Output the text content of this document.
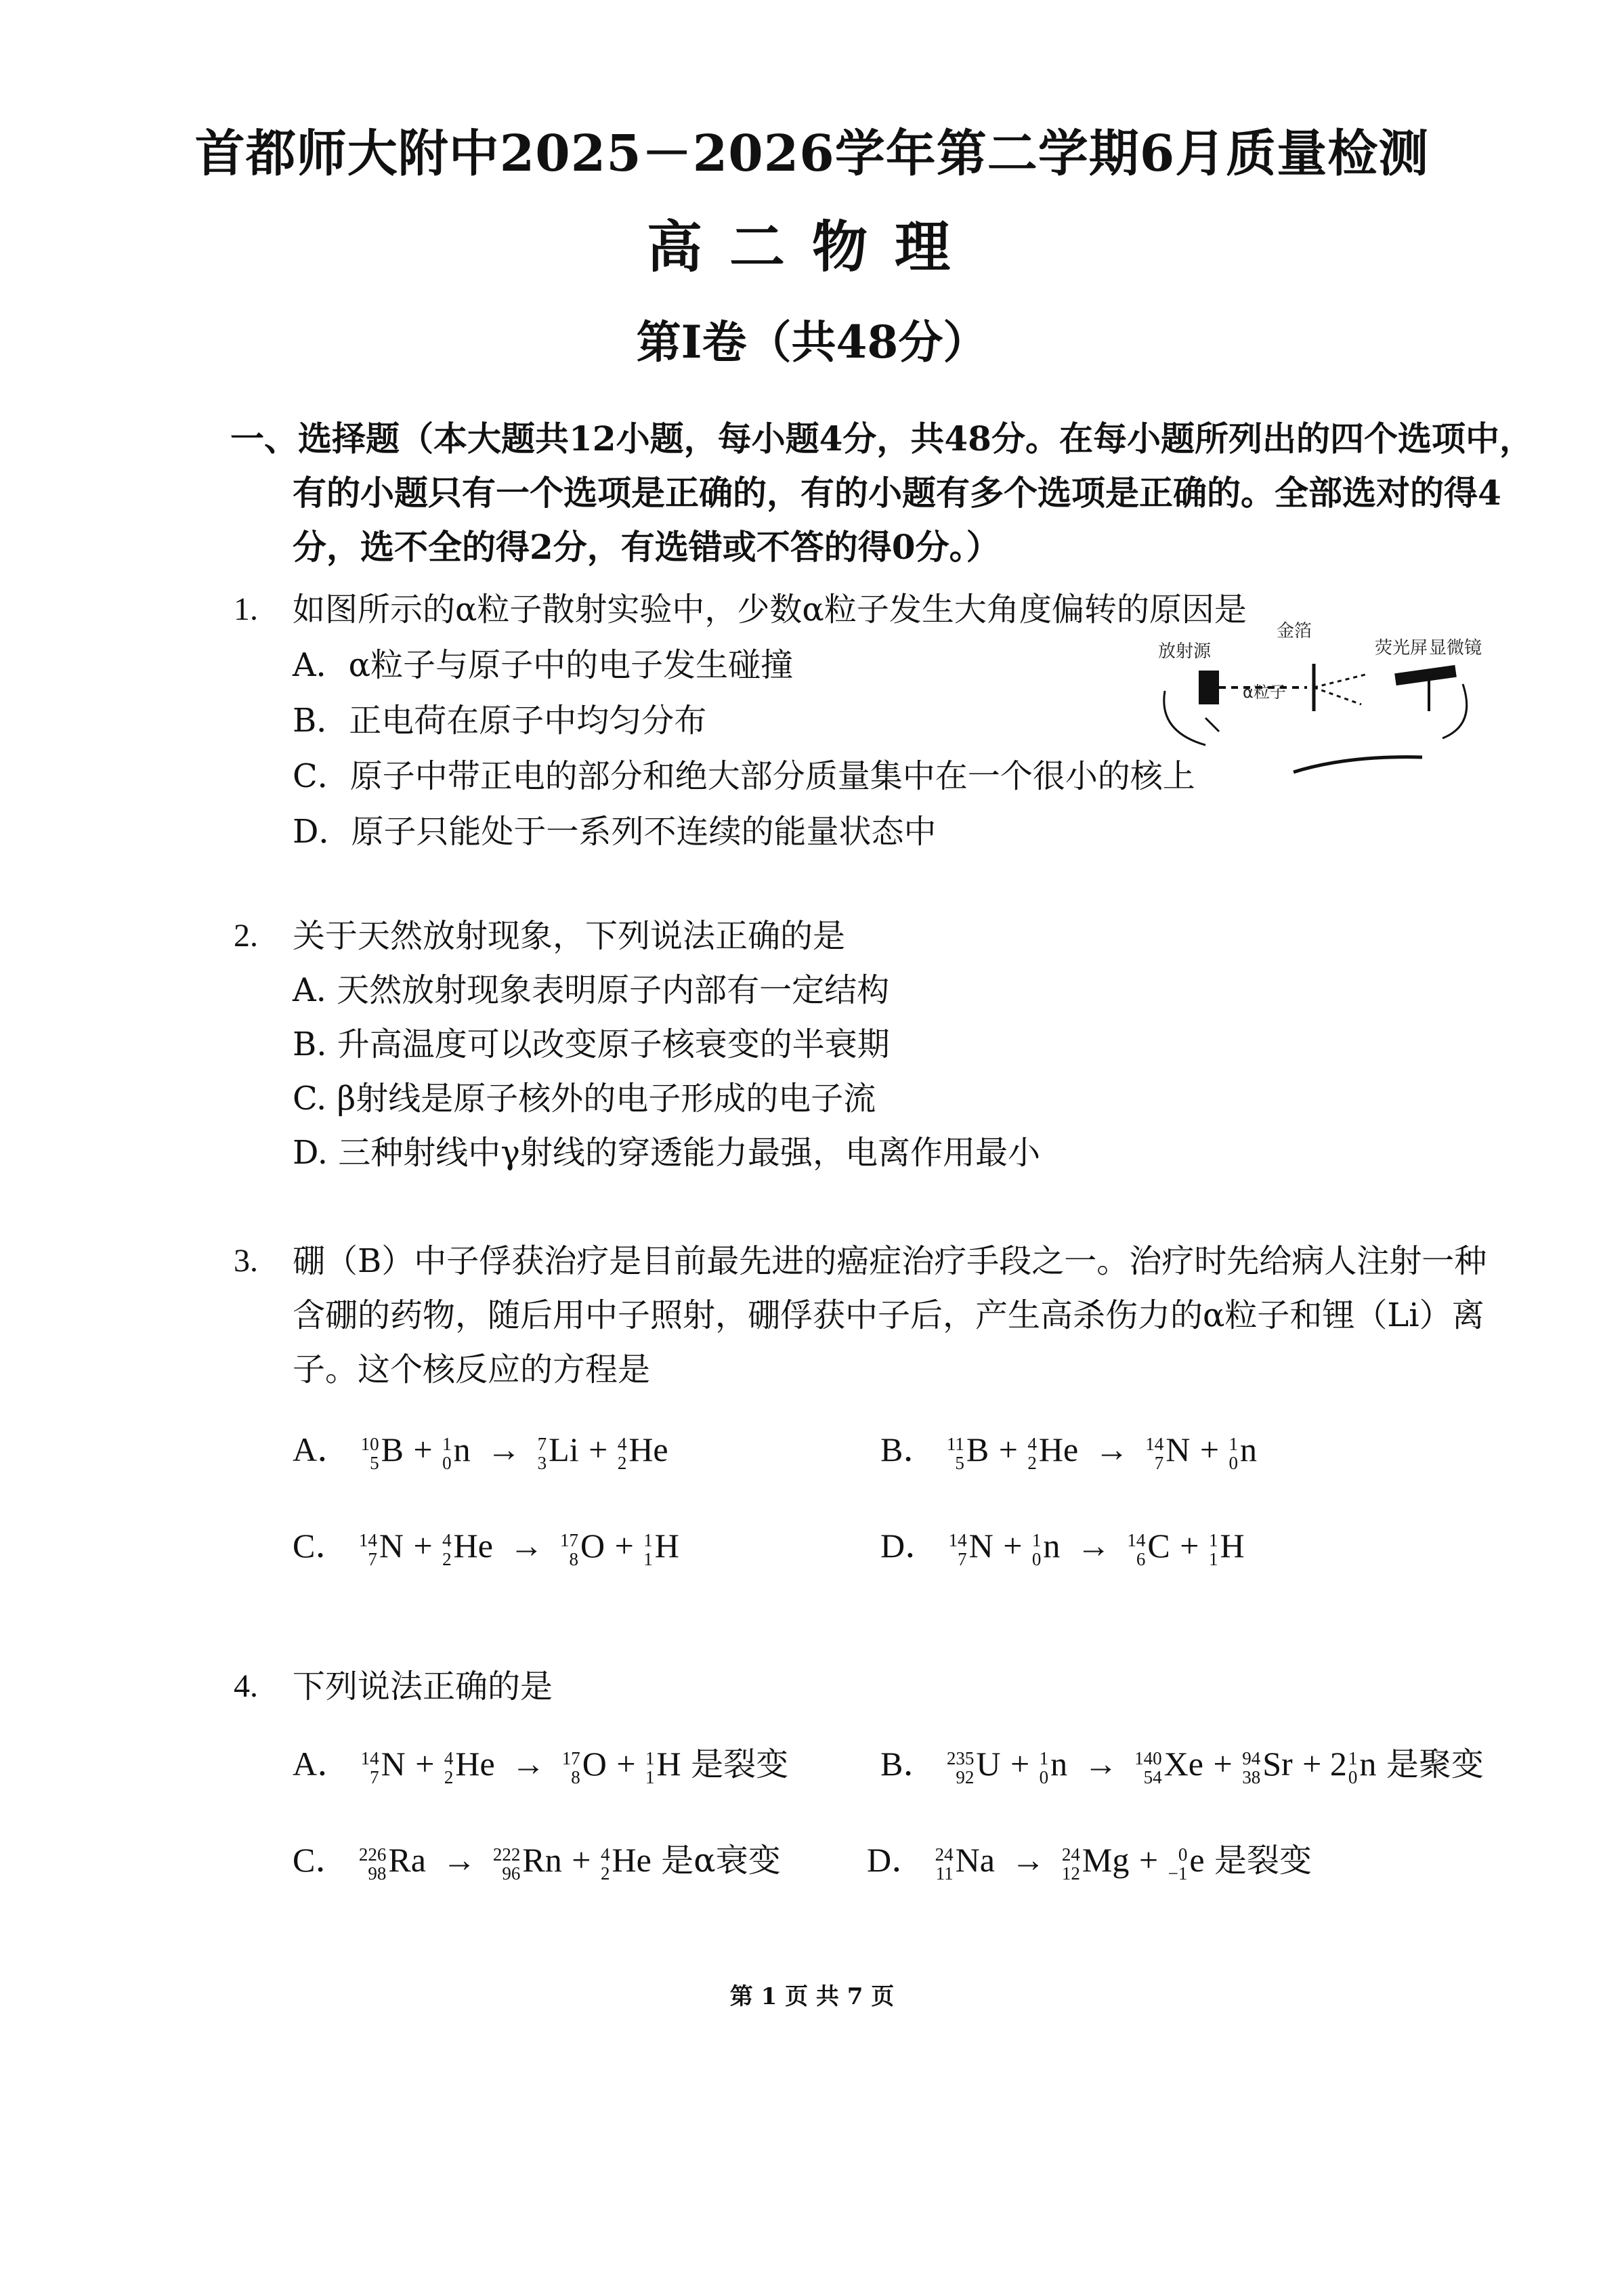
首都师大附中2025－2026学年第二学期6月质量检测
高二物理
第Ⅰ卷（共48分）
一、选择题（本大题共12小题，每小题4分，共48分。在每小题所列出的四个选项中，
有的小题只有一个选项是正确的，有的小题有多个选项是正确的。全部选对的得4
分，选不全的得2分，有选错或不答的得0分。）
1. 如图所示的α粒子散射实验中，少数α粒子发生大角度偏转的原因是
A．α粒子与原子中的电子发生碰撞
B．正电荷在原子中均匀分布
C．原子中带正电的部分和绝大部分质量集中在一个很小的核上
D．原子只能处于一系列不连续的能量状态中
放射源
金箔
荧光屏 显微镜
α粒子
2. 关于天然放射现象，下列说法正确的是
A. 天然放射现象表明原子内部有一定结构
B. 升高温度可以改变原子核衰变的半衰期
C. β射线是原子核外的电子形成的电子流
D. 三种射线中γ射线的穿透能力最强，电离作用最小
3. 硼（B）中子俘获治疗是目前最先进的癌症治疗手段之一。治疗时先给病人注射一种
含硼的药物，随后用中子照射，硼俘获中子后，产生高杀伤力的α粒子和锂（Li）离
子。这个核反应的方程是
A． 10
5 B + 1
0 n → 7
3 Li + 4
2 He	B． 11
5 B + 4
2 He → 14
7 N + 1
0 n
C． 14
7 N + 4
2 He → 17
8 O + 1
1 H	D． 14
7 N + 1
0 n → 14
6 C + 1
1 H
4. 下列说法正确的是
A． 14
7 N + 4
2 He → 17
8 O + 1
1 H 是裂变	B． 235
92 U + 1
0 n → 140
54 Xe + 94
38 Sr + 2 1
0 n 是聚变
C． 226
98 Ra → 222
96 Rn + 4
2 He 是α衰变	D． 24
11 Na → 24
12 Mg + 0
−1 e 是裂变
第 1 页 共 7 页
